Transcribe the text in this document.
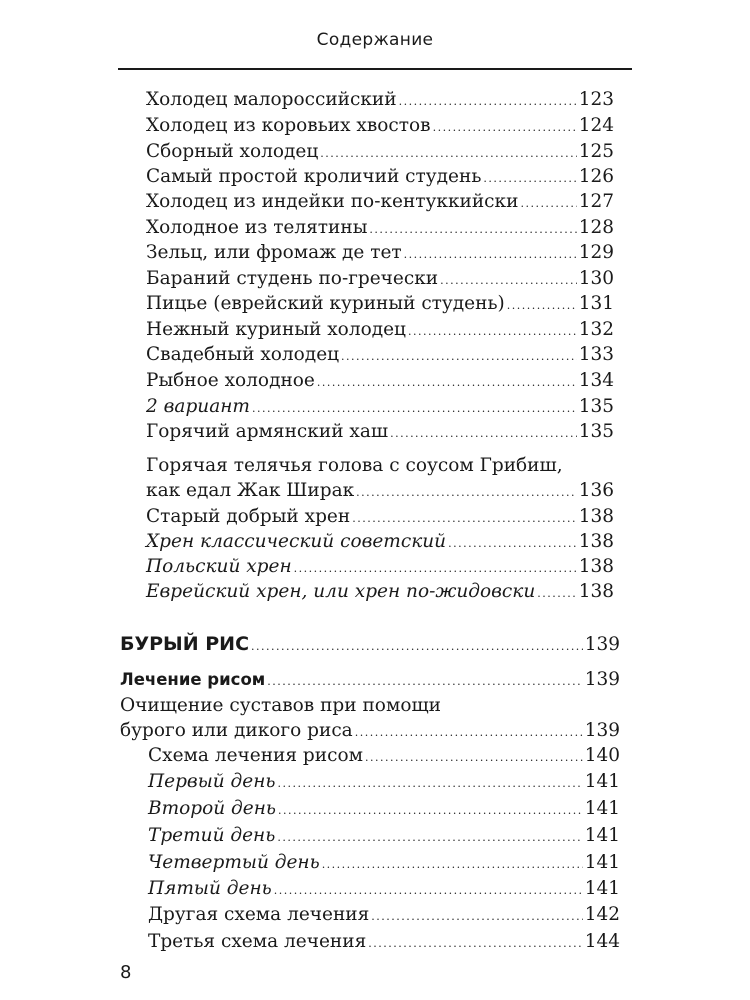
Содержание
Холодец малороссийский .....	123
Холодец из коровьих хвостов .....	124
Сборный холодец .....	125
Самый простой кроличий студень .....	126
Холодец из индейки по-кентуккийски .....	127
Холодное из телятины .....	128
Зельц, или фромаж де тет .....	129
Бараний студень по-гречески .....	130
Пицье (еврейский куриный студень) .....	131
Нежный куриный холодец .....	132
Свадебный холодец .....	133
Рыбное холодное .....	134
2 вариант .....	135
Горячий армянский хаш .....	135
Горячая телячья голова с соусом Грибиш,
как едал Жак Ширак .....	136
Старый добрый хрен .....	138
Хрен классический советский .....	138
Польский хрен .....	138
Еврейский хрен, или хрен по-жидовски ..... 138
БУРЫЙ РИС .....	139
Лечение рисом .....	139
Очищение суставов при помощи
бурого или дикого риса .....	139
Схема лечения рисом .....	140
Первый день .....	141
Второй день .....	141
Третий день .....	141
Четвертый день .....	141
Пятый день .....	141
Другая схема лечения .....	142
Третья схема лечения .....	144
8
